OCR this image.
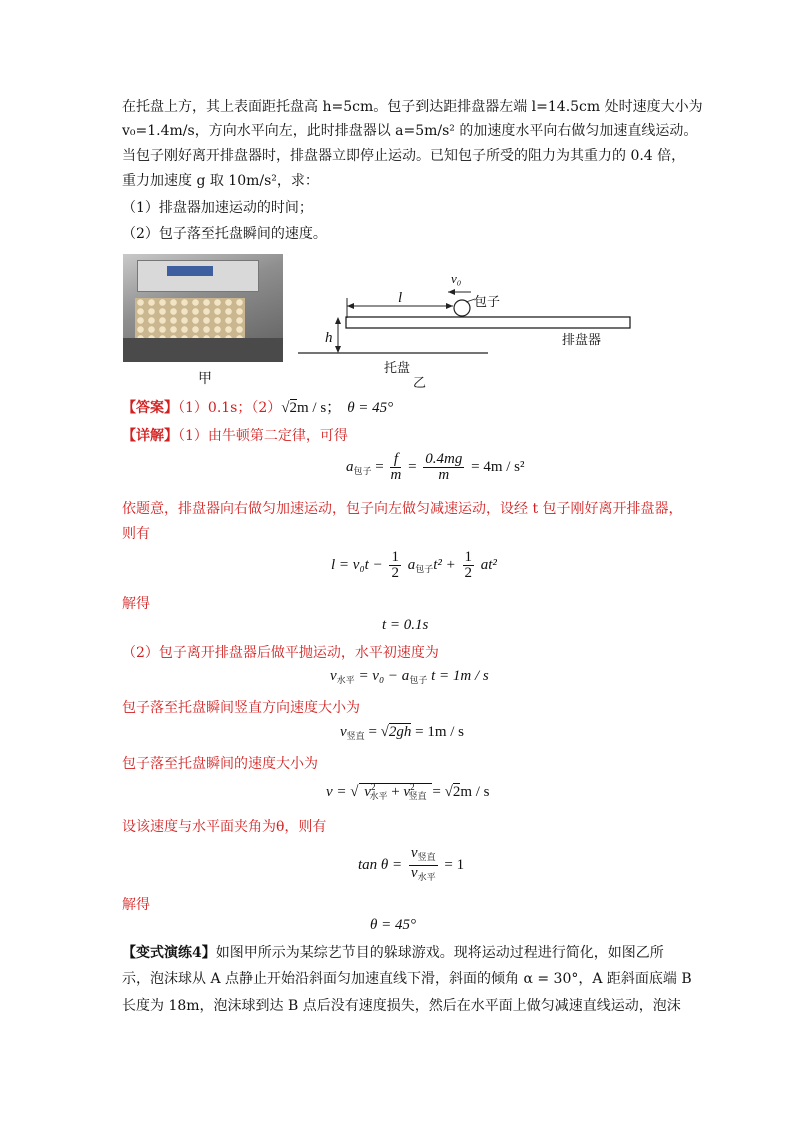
在托盘上方，其上表面距托盘高 h=5cm。包子到达距排盘器左端 l=14.5cm 处时速度大小为
v₀=1.4m/s，方向水平向左，此时排盘器以 a=5m/s² 的加速度水平向右做匀加速直线运动。
当包子刚好离开排盘器时，排盘器立即停止运动。已知包子所受的阻力为其重力的 0.4 倍，
重力加速度 g 取 10m/s²，求：
（1）排盘器加速运动的时间；
（2）包子落至托盘瞬间的速度。
甲
l
v₀
h
包子
排盘器
托盘
乙
【答案】（1）0.1s；（2）√2m / s； θ = 45°
【详解】（1）由牛顿第二定律，可得
$a_{包子} = \frac{f}{m} = \frac{0.4mg}{m} = 4m / s^2$
依题意，排盘器向右做匀加速运动，包子向左做匀减速运动，设经 t 包子刚好离开排盘器，
则有
$l = v_0t - \frac{1}{2} a_{包子}t^2 + \frac{1}{2} at^2$
解得
t = 0.1s
（2）包子离开排盘器后做平抛运动，水平初速度为
$v_{水平} = v_0 - a_{包子}$ t = 1m / s
包子落至托盘瞬间竖直方向速度大小为
$v_{竖直} = √2gh = 1m / s$
包子落至托盘瞬间的速度大小为
v = √ $v^2_{水平} + v^2_{竖直} = √2m / s$
设该速度与水平面夹角为θ，则有
$\tan \theta = \frac{v_{竖直}}{v_{水平}} = 1$
解得
θ = 45°
【变式演练4】如图甲所示为某综艺节目的躲球游戏。现将运动过程进行简化，如图乙所
示，泡沫球从 A 点静止开始沿斜面匀加速直线下滑，斜面的倾角 α = 30°，A 距斜面底端 B
长度为 18m，泡沫球到达 B 点后没有速度损失，然后在水平面上做匀减速直线运动，泡沫
